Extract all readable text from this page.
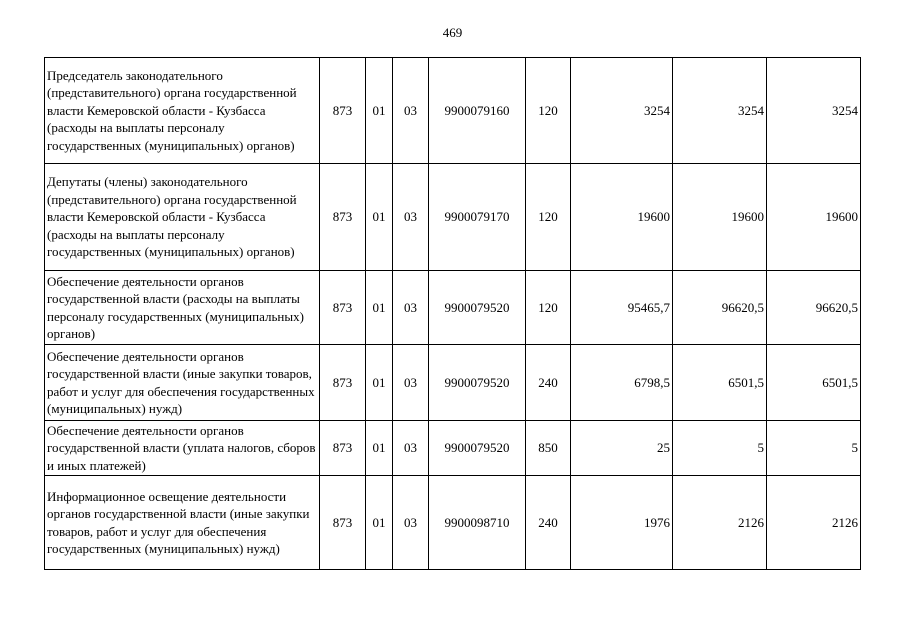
469
Председатель законодательного (представительного) органа государственной власти Кемеровской области - Кузбасса (расходы на выплаты персоналу государственных (муниципальных) органов)	873	01	03	9900079160	120	3254	3254	3254
Депутаты (члены) законодательного (представительного) органа государственной власти Кемеровской области - Кузбасса (расходы на выплаты персоналу государственных (муниципальных) органов)	873	01	03	9900079170	120	19600	19600	19600
Обеспечение деятельности органов государственной власти (расходы на выплаты персоналу государственных (муниципальных) органов)	873	01	03	9900079520	120	95465,7	96620,5	96620,5
Обеспечение деятельности органов государственной власти (иные закупки товаров, работ и услуг для обеспечения государственных (муниципальных) нужд)	873	01	03	9900079520	240	6798,5	6501,5	6501,5
Обеспечение деятельности органов государственной власти (уплата налогов, сборов и иных платежей)	873	01	03	9900079520	850	25	5	5
Информационное освещение деятельности органов государственной власти (иные закупки товаров, работ и услуг для обеспечения государственных (муниципальных) нужд)	873	01	03	9900098710	240	1976	2126	2126
